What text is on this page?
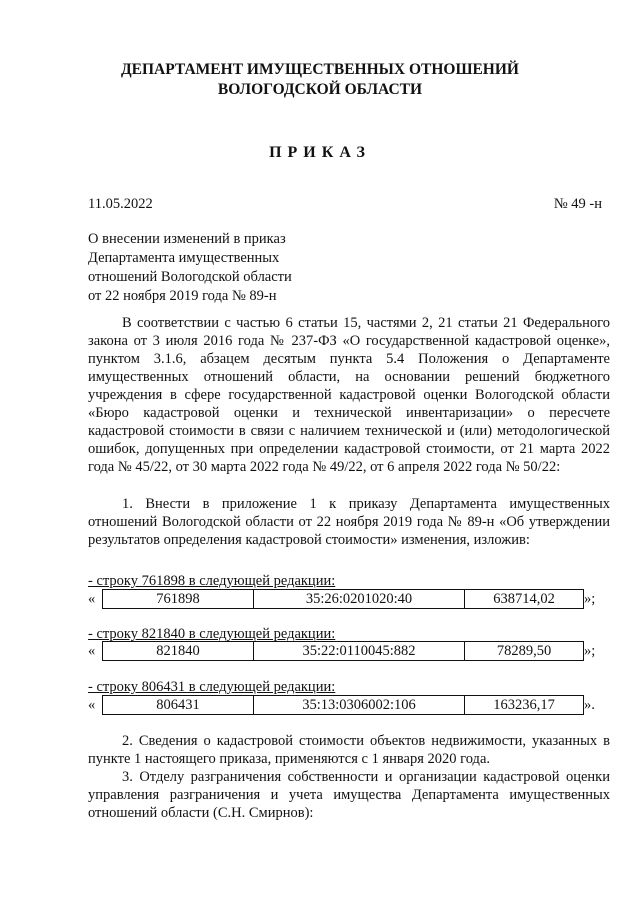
ДЕПАРТАМЕНТ ИМУЩЕСТВЕННЫХ ОТНОШЕНИЙ
ВОЛОГОДСКОЙ ОБЛАСТИ
ПРИКАЗ
11.05.2022	№ 49 -н
О внесении изменений в приказ
Департамента имущественных
отношений Вологодской области
от 22 ноября 2019 года № 89-н

В соответствии с частью 6 статьи 15, частями 2, 21 статьи 21 Федерального закона от 3 июля 2016 года № 237-ФЗ «О государственной кадастровой оценке», пунктом 3.1.6, абзацем десятым пункта 5.4 Положения о Департаменте имущественных отношений области, на основании решений бюджетного учреждения в сфере государственной кадастровой оценки Вологодской области «Бюро кадастровой оценки и технической инвентаризации» о пересчете кадастровой стоимости в связи с наличием технической и (или) методологической ошибок, допущенных при определении кадастровой стоимости, от 21 марта 2022 года № 45/22, от 30 марта 2022 года № 49/22, от 6 апреля 2022 года № 50/22:

1. Внести в приложение 1 к приказу Департамента имущественных отношений Вологодской области от 22 ноября 2019 года № 89-н «Об утверждении результатов определения кадастровой стоимости» изменения, изложив:

- строку 761898 в следующей редакции:
«	761898	35:26:0201020:40	638714,02 »;
- строку 821840 в следующей редакции:
«	821840	35:22:0110045:882	78289,50 »;
- строку 806431 в следующей редакции:
«	806431	35:13:0306002:106	163236,17 ».

2. Сведения о кадастровой стоимости объектов недвижимости, указанных в пункте 1 настоящего приказа, применяются с 1 января 2020 года.

3. Отделу разграничения собственности и организации кадастровой оценки управления разграничения и учета имущества Департамента имущественных отношений области (С.Н. Смирнов):
